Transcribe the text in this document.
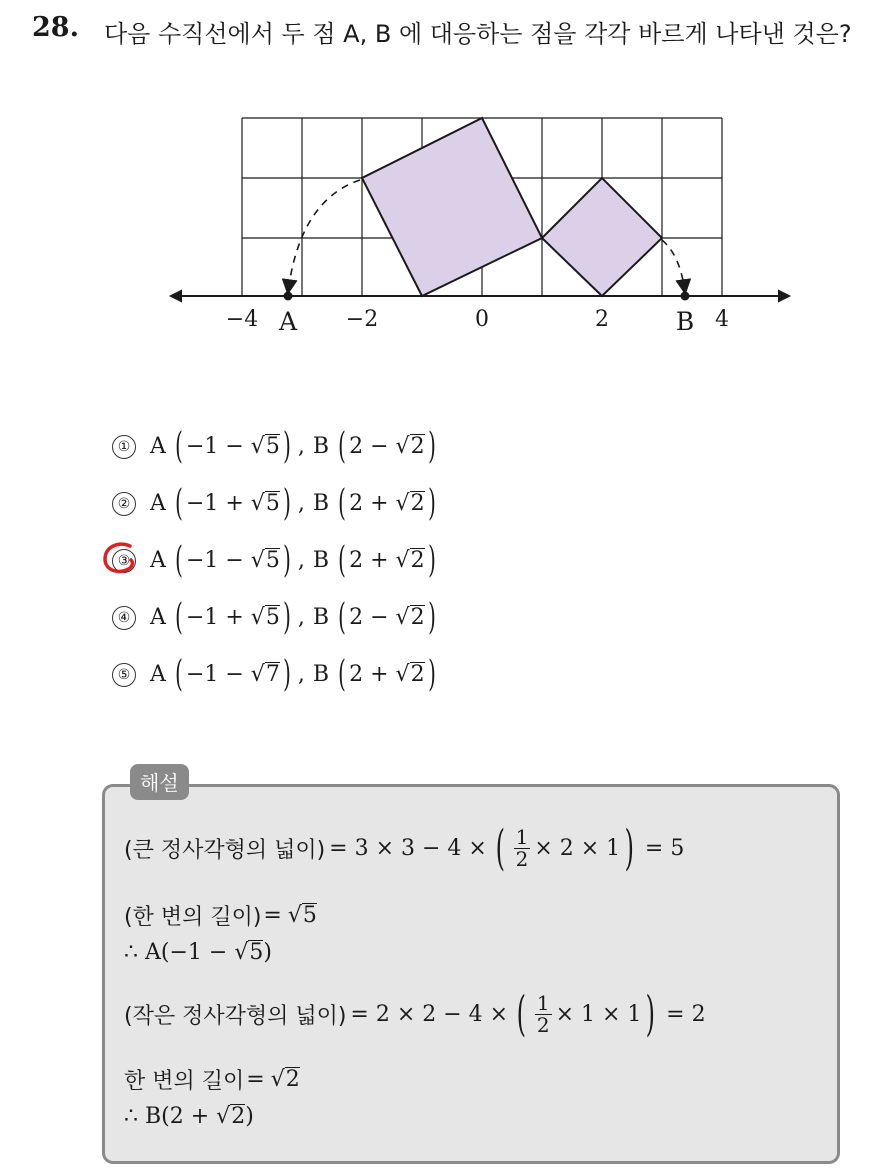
28. 다음 수직선에서 두 점 A, B 에 대응하는 점을 각각 바르게 나타낸 것은?
−4	−2	0	2	4
A	B
① A ( −1 −
√ 5 ) , B ( 2 −
√ 2 )
② A ( −1 +
√ 5 ) , B ( 2 +
√ 2 )
③ A ( −1 −
√ 5 ) , B ( 2 +
√ 2 )
④ A ( −1 +
√ 5 ) , B ( 2 −
√ 2 )
⑤ A ( −1 −
√ 7 ) , B ( 2 +
√ 2 )
해설
(큰 정사각형의 넓이) = 3 × 3 − 4 × ( $\frac{1}{2} \times 2 \times 1$ ) = 5
(한 변의 길이) = √ 5
∴ A(−1 −
√ 5 )
(작은 정사각형의 넓이) = 2 × 2 − 4 × ( $\frac{1}{2} \times 1 \times 1$ ) = 2
한 변의 길이 = √ 2
∴ B(2 +
√ 2 )
